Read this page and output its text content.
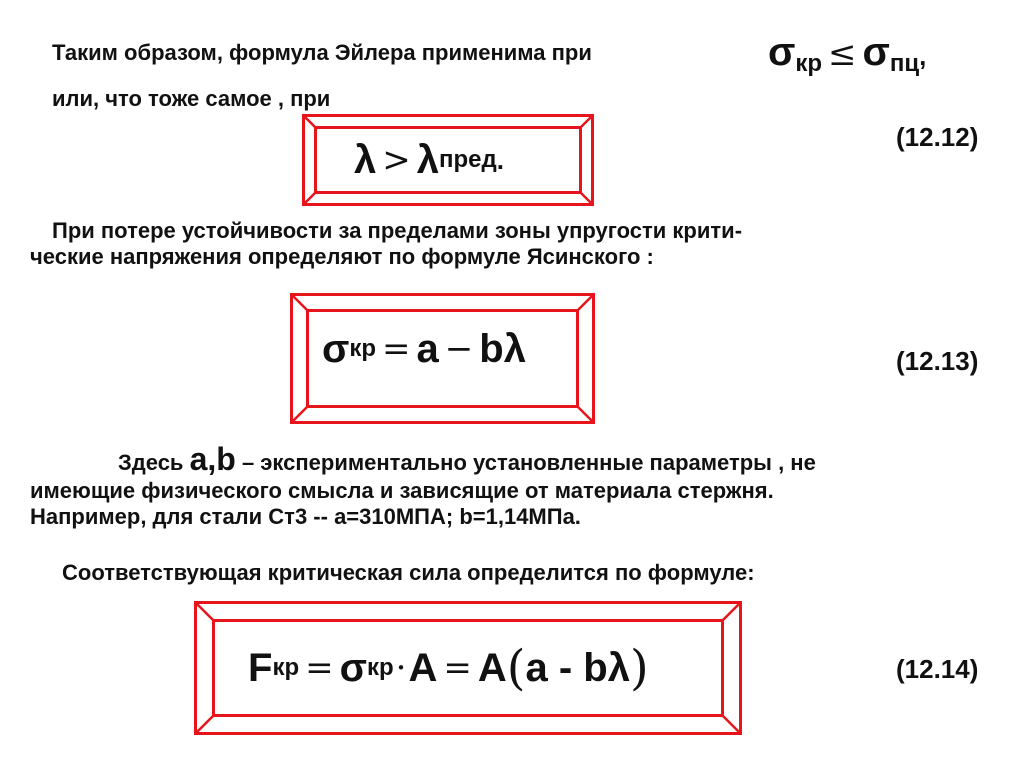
Таким образом, формула Эйлера применима при	$\sigma_{кр} \le \sigma_{пц}$,
или, что тоже самое , при
λ > λ пред .
(12.12)
При потере устойчивости за пределами зоны упругости крити-
ческие напряжения определяют по формуле Ясинского :
σ кр = a − bλ	(12.13)
Здесь a,b – экспериментально установленные параметры , не
имеющие физического смысла и зависящие от материала стержня.
Например, для стали Ст3 -- a=310МПА; b=1,14МПа.
Соответствующая критическая сила определится по формуле:
F кр = σ кр · A = A ( a - bλ )	(12.14)
